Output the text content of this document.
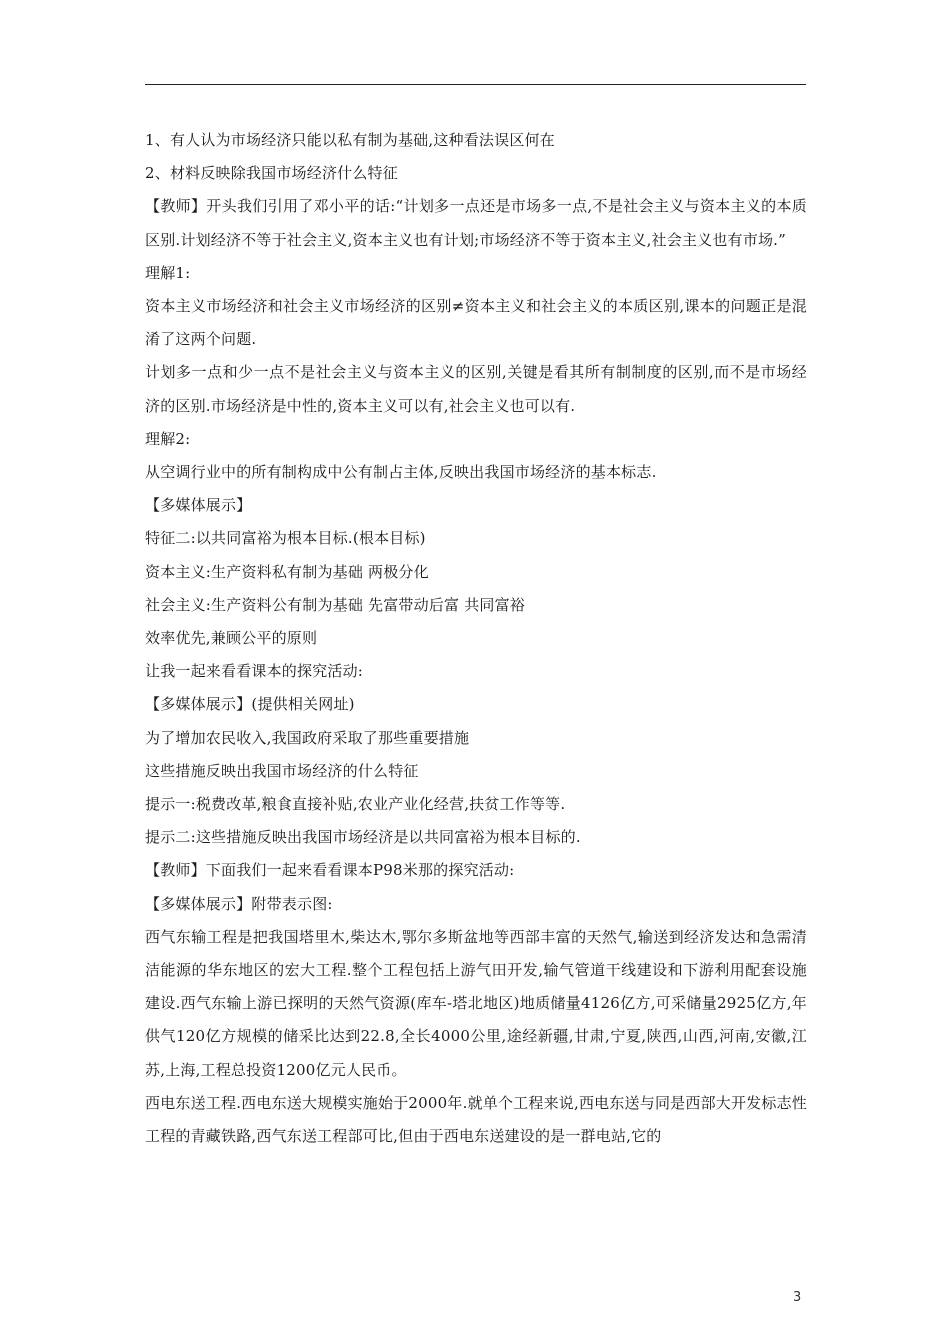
1、有人认为市场经济只能以私有制为基础,这种看法误区何在

2、材料反映除我国市场经济什么特征

【教师】开头我们引用了邓小平的话:“计划多一点还是市场多一点,不是社会主义与资本主义的本质区别.计划经济不等于社会主义,资本主义也有计划;市场经济不等于资本主义,社会主义也有市场.”

理解1:

资本主义市场经济和社会主义市场经济的区别≠资本主义和社会主义的本质区别,课本的问题正是混淆了这两个问题.

计划多一点和少一点不是社会主义与资本主义的区别,关键是看其所有制制度的区别,而不是市场经济的区别.市场经济是中性的,资本主义可以有,社会主义也可以有.

理解2:

从空调行业中的所有制构成中公有制占主体,反映出我国市场经济的基本标志.

【多媒体展示】

特征二:以共同富裕为根本目标.(根本目标)

资本主义:生产资料私有制为基础 两极分化

社会主义:生产资料公有制为基础 先富带动后富 共同富裕

效率优先,兼顾公平的原则

让我一起来看看课本的探究活动:

【多媒体展示】(提供相关网址)

为了增加农民收入,我国政府采取了那些重要措施

这些措施反映出我国市场经济的什么特征

提示一:税费改革,粮食直接补贴,农业产业化经营,扶贫工作等等.

提示二:这些措施反映出我国市场经济是以共同富裕为根本目标的.

【教师】下面我们一起来看看课本P98米那的探究活动:

【多媒体展示】附带表示图:

西气东输工程是把我国塔里木,柴达木,鄂尔多斯盆地等西部丰富的天然气,输送到经济发达和急需清洁能源的华东地区的宏大工程.整个工程包括上游气田开发,输气管道干线建设和下游利用配套设施建设.西气东输上游已探明的天然气资源(库车-塔北地区)地质储量4126亿方,可采储量2925亿方,年供气120亿方规模的储采比达到22.8,全长4000公里,途经新疆,甘肃,宁夏,陕西,山西,河南,安徽,江苏,上海,工程总投资1200亿元人民币。

西电东送工程.西电东送大规模实施始于2000年.就单个工程来说,西电东送与同是西部大开发标志性工程的青藏铁路,西气东送工程部可比,但由于西电东送建设的是一群电站,它的

3
